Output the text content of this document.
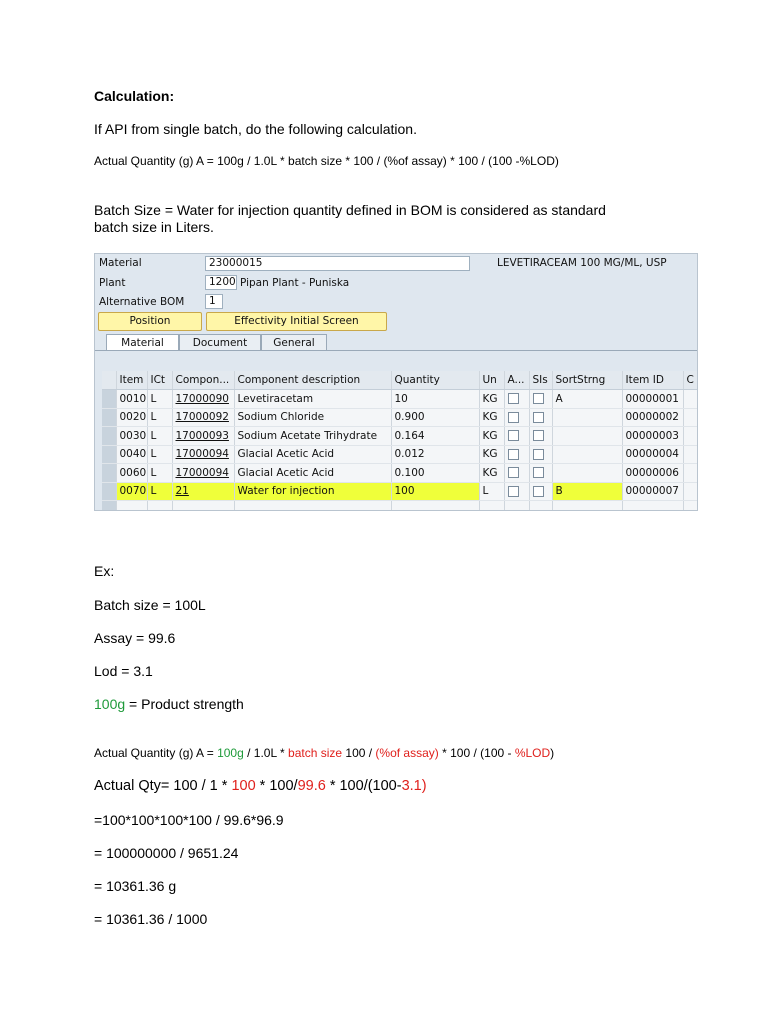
Calculation:

If API from single batch, do the following calculation.

Actual Quantity (g) A = 100g / 1.0L * batch size * 100 / (%of assay) * 100 / (100 -%LOD)

Batch Size = Water for injection quantity defined in BOM is considered as standard

batch size in Liters.

Material	23000015	LEVETIRACEAM 100 MG/ML, USP
Plant	1200 Pipan Plant - Puniska
Alternative BOM	1
Position	Effectivity Initial Screen
Material	Document	General
	Item	ICt	Compon...	Component description	Quantity	Un	A...	SIs	SortStrng	Item ID	C
	0010	L	17000090	Levetiracetam	10	KG			A	00000001	
	0020	L	17000092	Sodium Chloride	0.900	KG				00000002	
	0030	L	17000093	Sodium Acetate Trihydrate	0.164	KG				00000003	
	0040	L	17000094	Glacial Acetic Acid	0.012	KG				00000004	
	0060	L	17000094	Glacial Acetic Acid	0.100	KG				00000006	
	0070	L	21	Water for injection	100	L			B	00000007	

Ex:

Batch size = 100L

Assay = 99.6

Lod = 3.1

100g = Product strength

Actual Quantity (g) A = 100g / 1.0L * batch size 100 / (%of assay) * 100 / (100 - %LOD)

Actual Qty= 100 / 1 * 100 * 100/99.6 * 100/(100-3.1)

=100*100*100*100 / 99.6*96.9

= 100000000 / 9651.24

= 10361.36 g

= 10361.36 / 1000
